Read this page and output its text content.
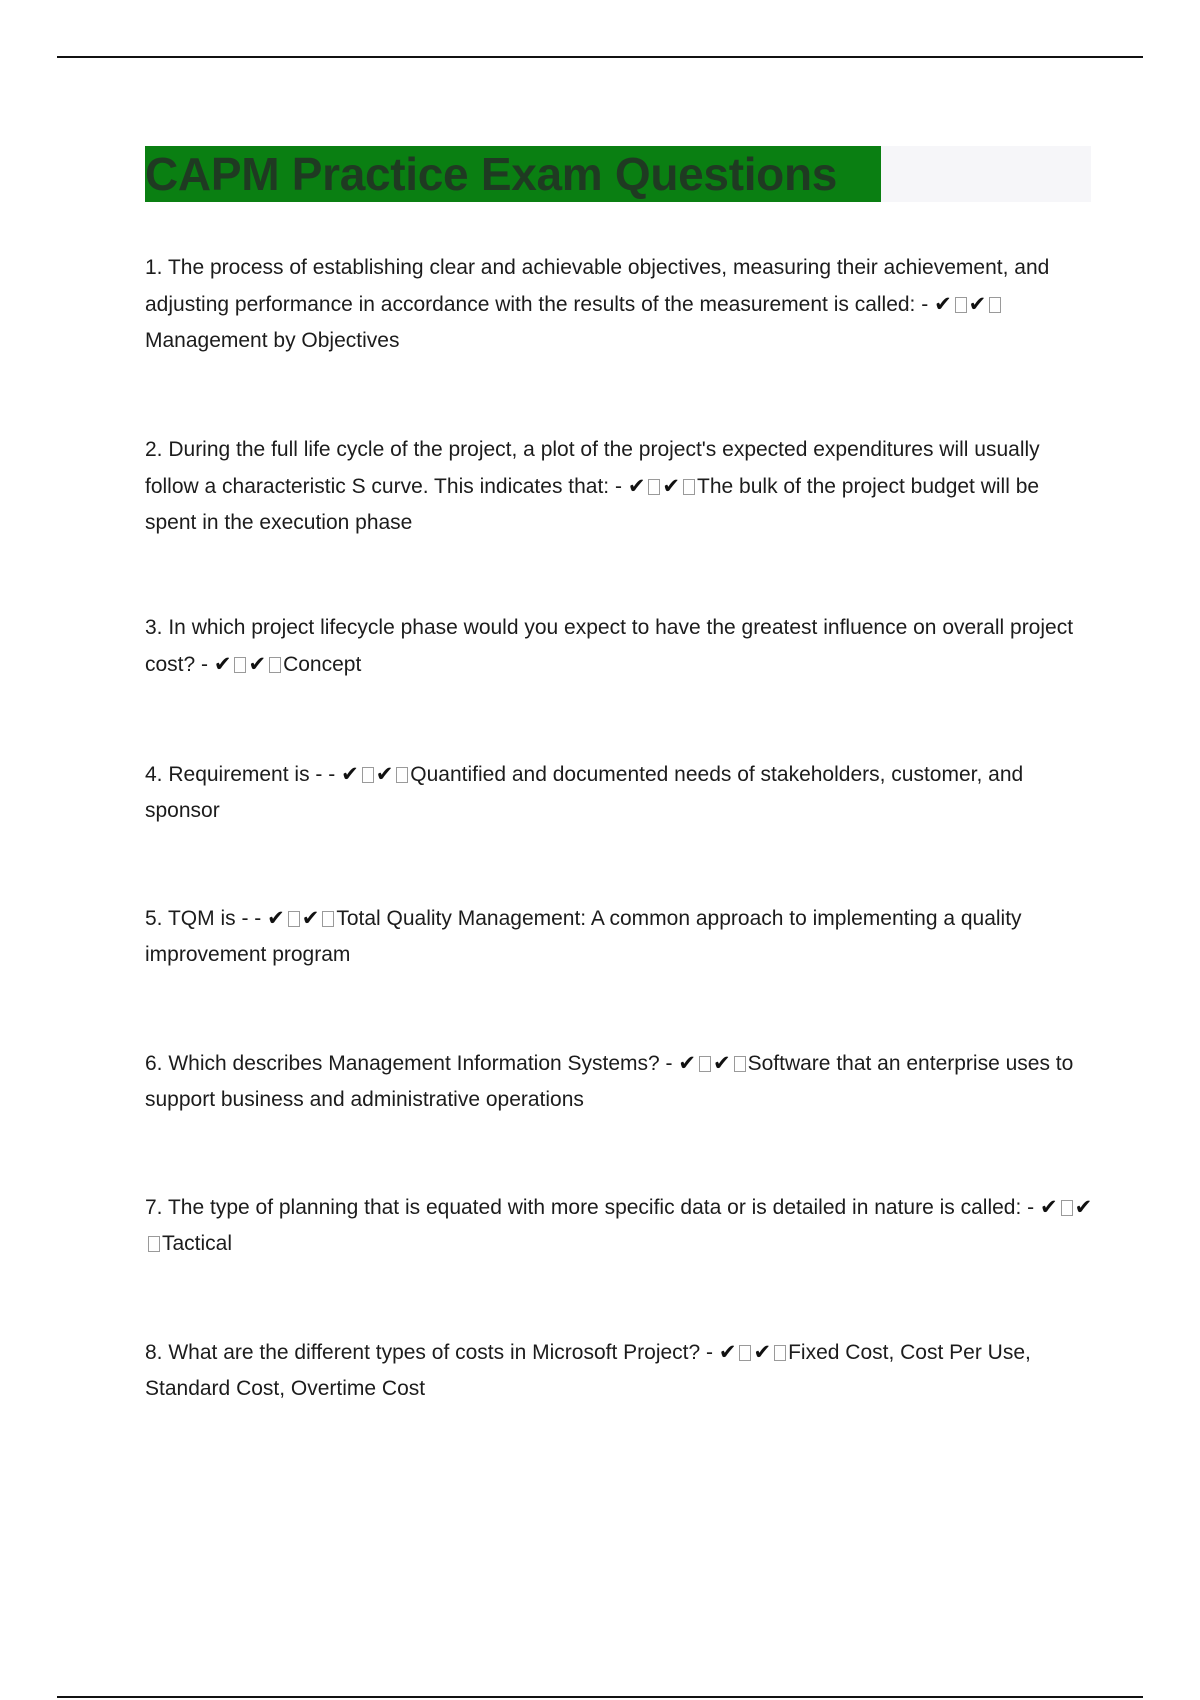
CAPM Practice Exam Questions
1. The process of establishing clear and achievable objectives, measuring their achievement, and adjusting performance in accordance with the results of the measurement is called: - ✔ ✔Management by Objectives
2. During the full life cycle of the project, a plot of the project's expected expenditures will usually follow a characteristic S curve. This indicates that: - ✔ ✔ The bulk of the project budget will be spent in the execution phase
3. In which project lifecycle phase would you expect to have the greatest influence on overall project cost? - ✔ ✔ Concept
4. Requirement is - - ✔ ✔ Quantified and documented needs of stakeholders, customer, and sponsor
5. TQM is - - ✔ ✔ Total Quality Management: A common approach to implementing a quality improvement program
6. Which describes Management Information Systems? - ✔ ✔ Software that an enterprise uses to support business and administrative operations
7. The type of planning that is equated with more specific data or is detailed in nature is called: - ✔ ✔Tactical
8. What are the different types of costs in Microsoft Project? - ✔ ✔ Fixed Cost, Cost Per Use, Standard Cost, Overtime Cost
